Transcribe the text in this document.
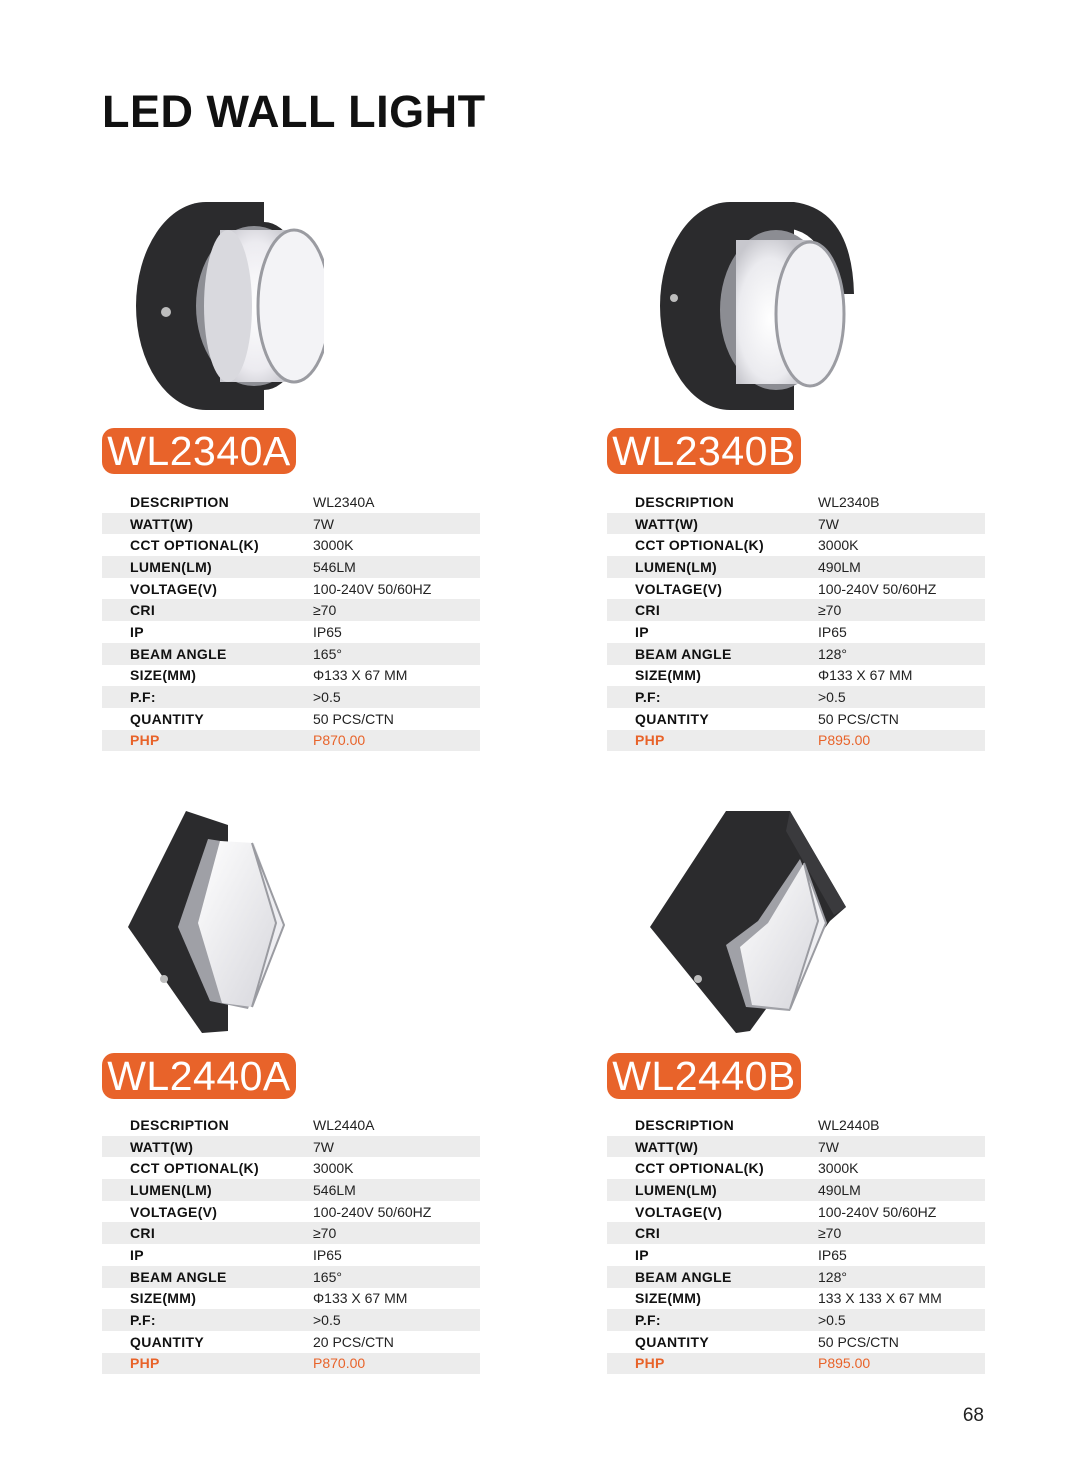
LED WALL LIGHT
WL2340A
DESCRIPTION	WL2340A
WATT(W)	7W
CCT OPTIONAL(K)	3000K
LUMEN(LM)	546LM
VOLTAGE(V)	100-240V 50/60HZ
CRI	≥70
IP	IP65
BEAM ANGLE	165°
SIZE(MM)	Φ133 X 67 MM
P.F:	>0.5
QUANTITY	50 PCS/CTN
PHP	P870.00
WL2340B
DESCRIPTION	WL2340B
WATT(W)	7W
CCT OPTIONAL(K)	3000K
LUMEN(LM)	490LM
VOLTAGE(V)	100-240V 50/60HZ
CRI	≥70
IP	IP65
BEAM ANGLE	128°
SIZE(MM)	Φ133 X 67 MM
P.F:	>0.5
QUANTITY	50 PCS/CTN
PHP	P895.00
WL2440A
DESCRIPTION	WL2440A
WATT(W)	7W
CCT OPTIONAL(K)	3000K
LUMEN(LM)	546LM
VOLTAGE(V)	100-240V 50/60HZ
CRI	≥70
IP	IP65
BEAM ANGLE	165°
SIZE(MM)	Φ133 X 67 MM
P.F:	>0.5
QUANTITY	20 PCS/CTN
PHP	P870.00
WL2440B
DESCRIPTION	WL2440B
WATT(W)	7W
CCT OPTIONAL(K)	3000K
LUMEN(LM)	490LM
VOLTAGE(V)	100-240V 50/60HZ
CRI	≥70
IP	IP65
BEAM ANGLE	128°
SIZE(MM)	133 X 133 X 67 MM
P.F:	>0.5
QUANTITY	50 PCS/CTN
PHP	P895.00
68
